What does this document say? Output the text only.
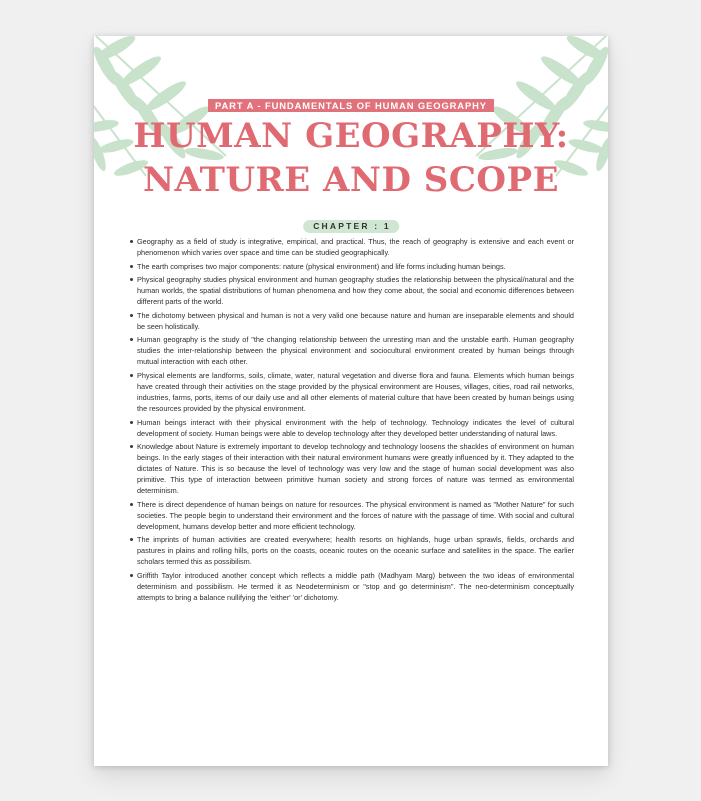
PART A - FUNDAMENTALS OF HUMAN GEOGRAPHY
HUMAN GEOGRAPHY:
NATURE AND SCOPE
CHAPTER : 1
Geography as a field of study is integrative, empirical, and practical. Thus, the reach of geography is extensive and each event or phenomenon which varies over space and time can be studied geographically.
The earth comprises two major components: nature (physical environment) and life forms including human beings.
Physical geography studies physical environment and human geography studies the relationship between the physical/natural and the human worlds, the spatial distributions of human phenomena and how they come about, the social and economic differences between different parts of the world.
The dichotomy between physical and human is not a very valid one because nature and human are inseparable elements and should be seen holistically.
Human geography is the study of "the changing relationship between the unresting man and the unstable earth. Human geography studies the inter-relationship between the physical environment and sociocultural environment created by human beings through mutual interaction with each other.
Physical elements are landforms, soils, climate, water, natural vegetation and diverse flora and fauna. Elements which human beings have created through their activities on the stage provided by the physical environment are Houses, villages, cities, road rail networks, industries, farms, ports, items of our daily use and all other elements of material culture that have been created by human beings using the resources provided by the physical environment.
Human beings interact with their physical environment with the help of technology. Technology indicates the level of cultural development of society. Human beings were able to develop technology after they developed better understanding of natural laws.
Knowledge about Nature is extremely important to develop technology and technology loosens the shackles of environment on human beings. In the early stages of their interaction with their natural environment humans were greatly influenced by it. They adapted to the dictates of Nature. This is so because the level of technology was very low and the stage of human social development was also primitive. This type of interaction between primitive human society and strong forces of nature was termed as environmental determinism.
There is direct dependence of human beings on nature for resources. The physical environment is named as "Mother Nature" for such societies. The people begin to understand their environment and the forces of nature with the passage of time. With social and cultural development, humans develop better and more efficient technology.
The imprints of human activities are created everywhere; health resorts on highlands, huge urban sprawls, fields, orchards and pastures in plains and rolling hills, ports on the coasts, oceanic routes on the oceanic surface and satellites in the space. The earlier scholars termed this as possibilism.
Griffith Taylor introduced another concept which reflects a middle path (Madhyam Marg) between the two ideas of environmental determinism and possibilism. He termed it as Neodeterminism or "stop and go determinism". The neo-determinism conceptually attempts to bring a balance nullifying the 'either' 'or' dichotomy.
